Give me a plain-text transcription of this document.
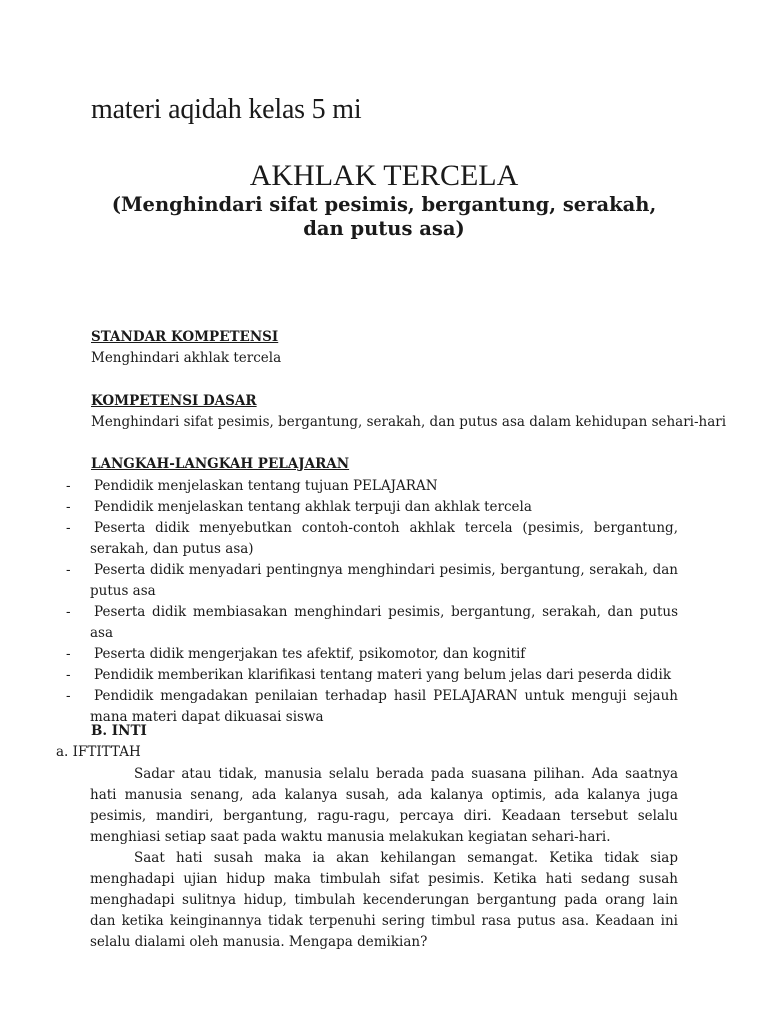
materi aqidah kelas 5 mi
AKHLAK TERCELA
(Menghindari sifat pesimis, bergantung, serakah, dan putus asa)
STANDAR KOMPETENSI
Menghindari akhlak tercela
KOMPETENSI DASAR
Menghindari sifat pesimis, bergantung, serakah, dan putus asa dalam kehidupan sehari-hari
LANGKAH-LANGKAH PELAJARAN
- Pendidik menjelaskan tentang tujuan PELAJARAN
- Pendidik menjelaskan tentang akhlak terpuji dan akhlak tercela
- Peserta didik menyebutkan contoh-contoh akhlak tercela (pesimis, bergantung, serakah, dan putus asa)
- Peserta didik menyadari pentingnya menghindari pesimis, bergantung, serakah, dan putus asa
- Peserta didik membiasakan menghindari pesimis, bergantung, serakah, dan putus asa
- Peserta didik mengerjakan tes afektif, psikomotor, dan kognitif
- Pendidik memberikan klarifikasi tentang materi yang belum jelas dari peserda didik
- Pendidik mengadakan penilaian terhadap hasil PELAJARAN untuk menguji sejauh mana materi dapat dikuasai siswa
B. INTI
a. IFTITTAH

Sadar atau tidak, manusia selalu berada pada suasana pilihan. Ada saatnya hati manusia senang, ada kalanya susah, ada kalanya optimis, ada kalanya juga pesimis, mandiri, bergantung, ragu-ragu, percaya diri. Keadaan tersebut selalu menghiasi setiap saat pada waktu manusia melakukan kegiatan sehari-hari.

Saat hati susah maka ia akan kehilangan semangat. Ketika tidak siap menghadapi ujian hidup maka timbulah sifat pesimis. Ketika hati sedang susah menghadapi sulitnya hidup, timbulah kecenderungan bergantung pada orang lain dan ketika keinginannya tidak terpenuhi sering timbul rasa putus asa. Keadaan ini selalu dialami oleh manusia. Mengapa demikian?
